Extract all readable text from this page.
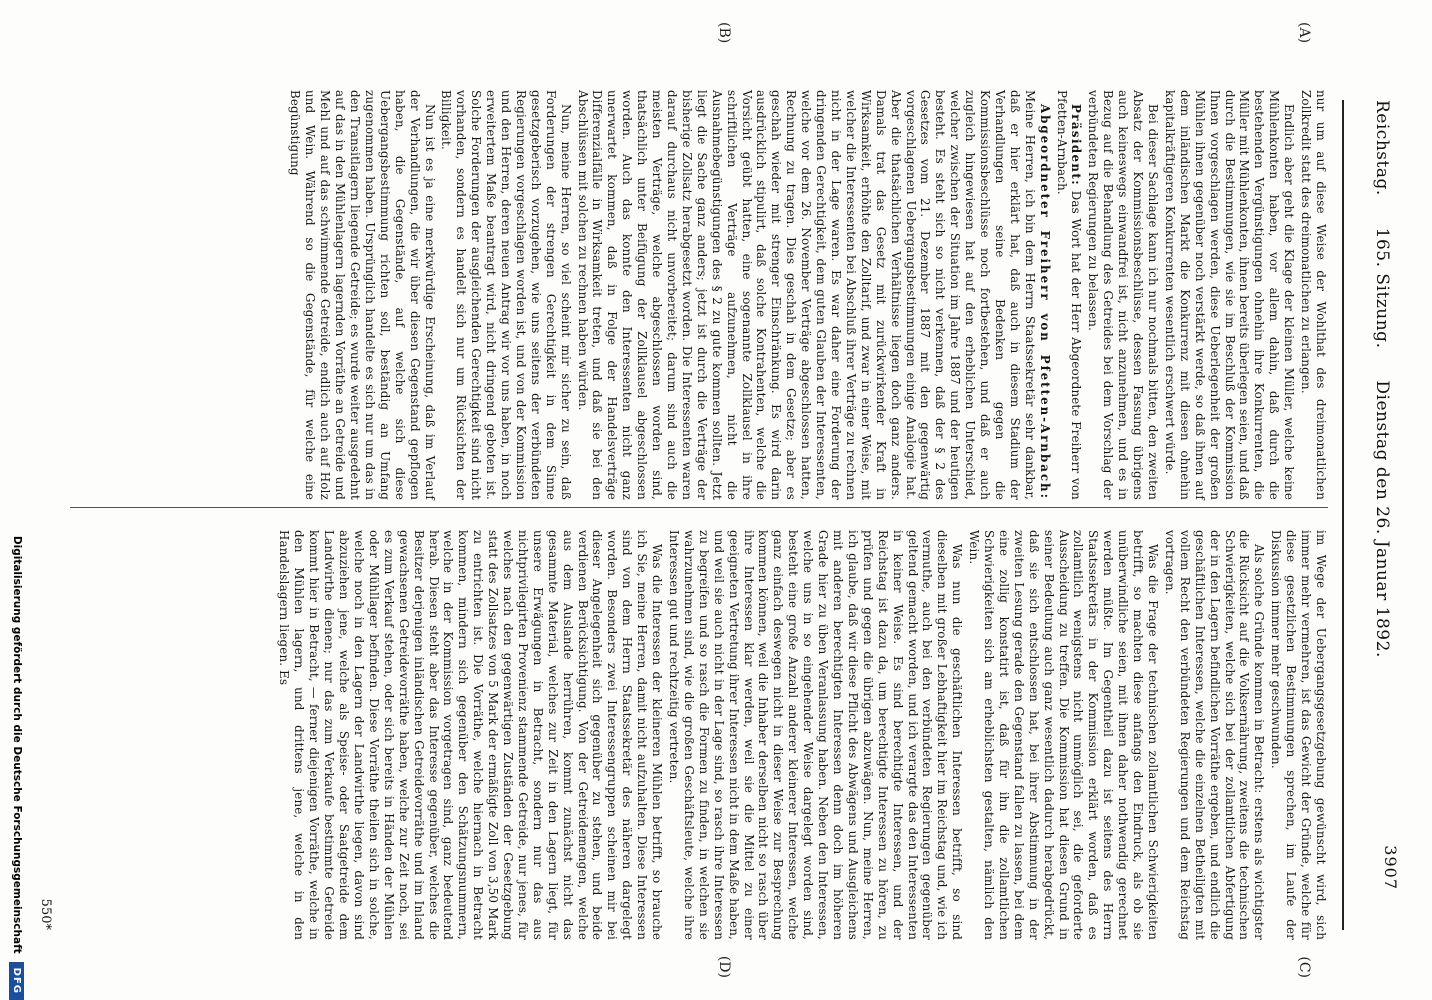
Reichstag. 165. Sitzung. Dienstag den 26. Januar 1892.
3907
(A)
(B)
(C)
(D)

nur um auf diese Weise der Wohlthat des dreimonatlichen Zollkredit statt des dreimonatlichen zu erlangen.

Endlich aber geht die Klage der kleinen Müller, welche keine Mühlenkonten haben, vor allem dahin, daß durch die bestehenden Vergünstigungen ohnehin ihre Konkurrenten, die Müller mit Mühlenkonten, ihnen bereits überlegen seien, und daß durch die Bestimmungen, wie sie im Beschluß der Kommission Ihnen vorgeschlagen werden, diese Ueberlegenheit der großen Mühlen ihnen gegenüber noch verstärkt werde, so daß ihnen auf dem inländischen Markt die Konkurrenz mit diesen ohnehin kapitalkräftigeren Konkurrenten wesentlich erschwert würde.

Bei dieser Sachlage kann ich nur nochmals bitten, den zweiten Absatz der Kommissionsbeschlüsse, dessen Fassung übrigens auch keineswegs einwandfrei ist, nicht anzunehmen, und es in Bezug auf die Behandlung des Getreides bei dem Vorschlag der verbündeten Regierungen zu belassen.

Präsident: Das Wort hat der Herr Abgeordnete Freiherr von Pfetten-Arnbach.

Abgeordneter Freiherr von Pfetten-Arnbach: Meine Herren, ich bin dem Herrn Staatssekretär sehr dankbar, daß er hier erklärt hat, daß auch in diesem Stadium der Verhandlungen seine Bedenken gegen die Kommissionsbeschlüsse noch fortbestehen, und daß er auch zugleich hingewiesen hat auf den erheblichen Unterschied, welcher zwischen der Situation im Jahre 1887 und der heutigen besteht. Es steht sich so nicht verkennen, daß der § 2 des Gesetzes vom 21. Dezember 1887 mit den gegenwärtig vorgeschlagenen Uebergangsbestimmungen einige Analogie hat. Aber die thatsächlichen Verhältnisse liegen doch ganz anders. Damals trat das Gesetz mit zurückwirkender Kraft in Wirksamkeit, erhöhte den Zolltarif, und zwar in einer Weise, mit welcher die Interessenten bei Abschluß ihrer Verträge zu rechnen nicht in der Lage waren. Es war daher eine Forderung der dringenden Gerechtigkeit, dem guten Glauben der Interessenten, welche vor dem 26. November Verträge abgeschlossen hatten, Rechnung zu tragen. Dies geschah in dem Gesetze; aber es geschah wieder mit strenger Einschränkung. Es wird darin ausdrücklich stipulirt, daß solche Kontrahenten, welche die Vorsicht geübt hatten, eine sogenannte Zollklausel in ihre schriftlichen Verträge aufzunehmen, nicht die Ausnahmebegünstigungen des § 2 zu gute kommen sollten. Jetzt liegt die Sache ganz anders; jetzt ist durch die Verträge der bisherige Zollsatz herabgesetzt worden. Die Interessenten waren darauf durchaus nicht unvorbereitet; darum sind auch die meisten Verträge, welche abgeschlossen worden sind, thatsächlich unter Beifügung der Zollklausel abgeschlossen worden. Auch das konnte den Interessenten nicht ganz unerwartet kommen, daß in Folge der Handelsverträge Differenzialfälle in Wirksamkeit treten, und daß sie bei den Abschlüssen mit solchen zu rechnen haben würden.

Nun, meine Herren, so viel scheint mir sicher zu sein, daß Forderungen der strengen Gerechtigkeit in dem Sinne gesetzgeberisch vorzugehen, wie uns seitens der verbündeten Regierungen vorgeschlagen worden ist, und von der Kommission und den Herren, deren neuen Antrag wir vor uns haben, in noch erweitertem Maße beantragt wird, nicht dringend geboten ist. Solche Forderungen der ausgleichenden Gerechtigkeit sind nicht vorhanden, sondern es handelt sich nur um Rücksichten der Billigkeit.

Nun ist es ja eine merkwürdige Erscheinung, daß im Verlauf der Verhandlungen, die wir über diesen Gegenstand gepflogen haben, die Gegenstände, auf welche sich diese Uebergangsbestimmung richten soll, beständig an Umfang zugenommen haben. Ursprünglich handelte es sich nur um das in den Transitlagern liegende Getreide; es wurde weiter ausgedehnt auf das in den Mühlenlagern lagernden Vorräthe an Getreide und Mehl und auf das schwimmende Getreide, endlich auch auf Holz und Wein. Während so die Gegenstände, für welche eine Begünstigung

im Wege der Uebergangsgesetzgebung gewünscht wird, sich immer mehr vermehren, ist das Gewicht der Gründe, welche für diese gesetzlichen Bestimmungen sprechen, im Laufe der Diskussion immer mehr geschwunden.

Als solche Gründe kommen in Betracht: erstens als wichtigster die Rücksicht auf die Volksernährung, zweitens die technischen Schwierigkeiten, welche sich bei der zollamtlichen Abfertigung der in den Lagern befindlichen Vorräthe ergeben, und endlich die geschäftlichen Interessen, welche die einzelnen Betheiligten mit vollem Recht den verbündeten Regierungen und dem Reichstag vortragen.

Was die Frage der technischen zollamtlichen Schwierigkeiten betrifft, so machten diese anfangs den Eindruck, als ob sie unüberwindliche seien, mit ihnen daher nothwendig gerechnet werden müßte. Im Gegentheil dazu ist seitens des Herrn Staatssekretärs in der Kommission erklärt worden, daß es zollamtlich wenigstens nicht unmöglich sei, die geforderte Ausscheidung zu treffen. Die Kommission hat diesen Grund in seiner Bedeutung auch ganz wesentlich dadurch herabgedrückt, daß sie sich entschlossen hat, bei ihrer Abstimmung in der zweiten Lesung gerade den Gegenstand fallen zu lassen, bei dem eine zollig konstatirt ist, daß für ihn die zollamtlichen Schwierigkeiten sich am erheblichsten gestalten, nämlich den Wein.

Was nun die geschäftlichen Interessen betrifft, so sind dieselben mit großer Lebhaftigkeit hier im Reichstag und, wie ich vermuthe, auch bei den verbündeten Regierungen gegenüber geltend gemacht worden, und ich verargte das den Interessenten in keiner Weise. Es sind berechtigte Interessen, und der Reichstag ist dazu da, um berechtigte Interessen zu hören, zu prüfen und gegen die übrigen abzuwägen. Nun, meine Herren, ich glaube, daß wir diese Pflicht des Abwägens und Ausgleichens mit anderen berechtigten Interessen denn doch im höheren Grade hier zu üben Veranlassung haben. Neben den Interessen, welche uns in so eingehender Weise dargelegt worden sind, besteht eine große Anzahl anderer kleinerer Interessen, welche ganz einfach deswegen nicht in dieser Weise zur Besprechung kommen können, weil die Inhaber derselben nicht so rasch über ihre Interessen klar werden, weil sie die Mittel zu einer geeigneten Vertretung ihrer Interessen nicht in dem Maße haben, und weil sie auch nicht in der Lage sind, so rasch ihre Interessen zu begreifen und so rasch die Formen zu finden, in welchen sie wahrzunehmen sind, wie die großen Geschäftsleute, welche ihre Interessen gut und rechtzeitig vertreten.

Was die Interessen der kleineren Mühlen betrifft, so brauche ich Sie, meine Herren, damit nicht aufzuhalten. Diese Interessen sind von dem Herrn Staatssekretär des näheren dargelegt worden. Besonders zwei Interessengruppen scheinen mir bei dieser Angelegenheit sich gegenüber zu stehen, und beide verdienen Berücksichtigung. Von der Getreidemengen, welche aus dem Auslande herrühren, kommt zunächst nicht das gesammte Material, welches zur Zeit in den Lagern liegt, für unsere Erwägungen in Betracht, sondern nur das aus nichtprivilegirten Provenienz stammende Getreide, nur jenes, für welches nach den gegenwärtigen Zuständen der Gesetzgebung statt des Zollsatzes von 5 Mark der ermäßigte Zoll von 3,50 Mark zu entrichten ist. Die Vorräthe, welche hiernach in Betracht kommen, mindern sich gegenüber den Schätzungsnummern, welche in der Kommission vorgetragen sind, ganz bedeutend herab. Diesen steht aber das Interesse gegenüber, welches die Besitzer derjenigen inländischen Getreidevorräthe und im Inland gewachsenen Getreidevorräthe haben, welche zur Zeit noch, sei es zum Verkauf stehen, oder sich bereits in Händen der Mühlen oder Mühllager befinden. Diese Vorräthe theilen sich in solche, welche noch in den Lagern der Landwirthe liegen, davon sind abzuziehen jene, welche als Speise- oder Saatgetreide dem Landwirthe dienen; nur das zum Verkaufe bestimmte Getreide kommt hier in Betracht, — ferner diejenigen Vorräthe, welche in den Mühlen lagern, und drittens jene, welche in den Handelslagern liegen. Es

550*
Digitalisierung gefördert durch die Deutsche Forschungsgemeinschaft
DFG
